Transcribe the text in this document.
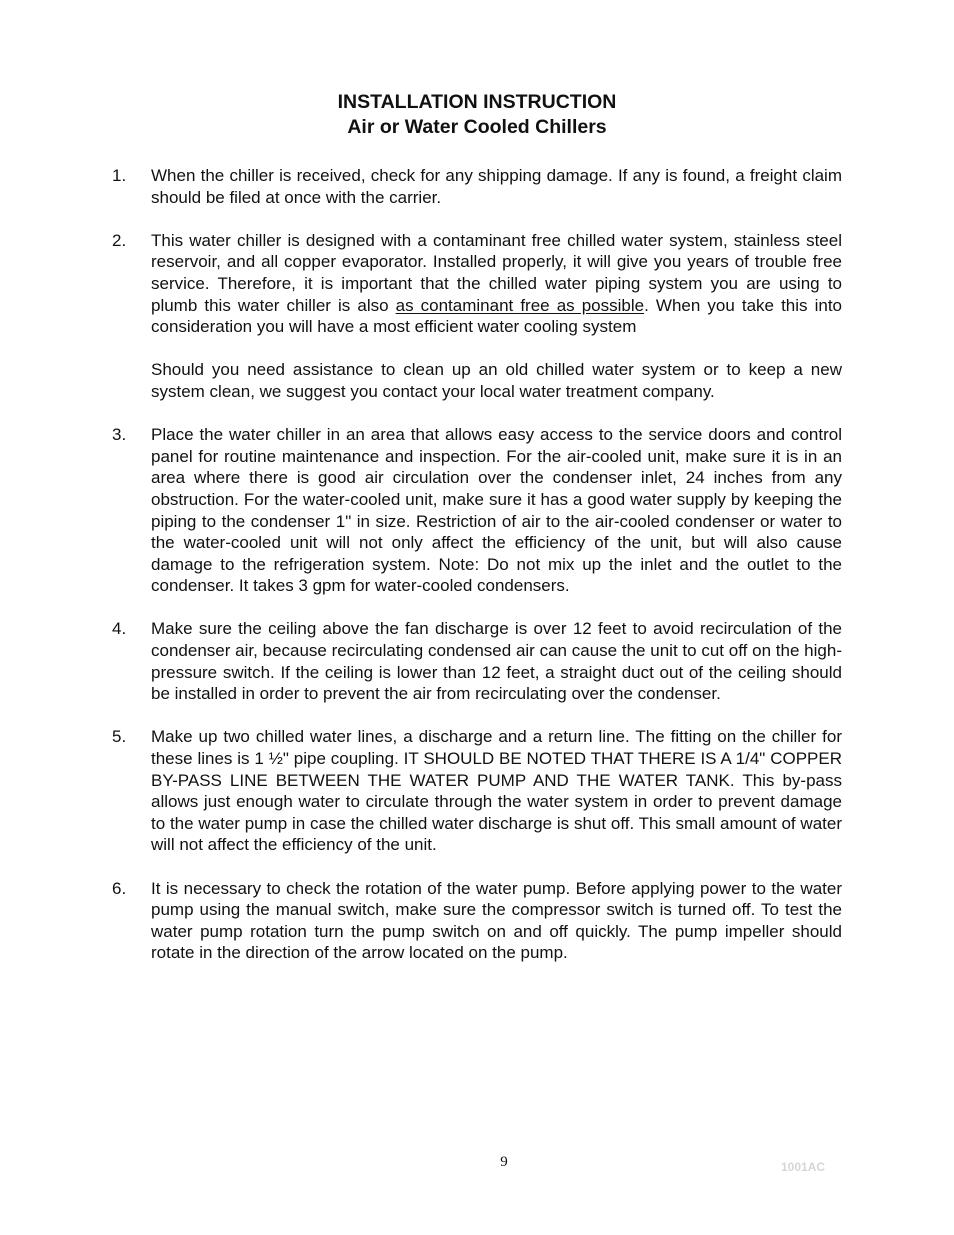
INSTALLATION INSTRUCTION
Air or Water Cooled Chillers
1.	When the chiller is received, check for any shipping damage. If any is found, a freight claim should be filed at once with the carrier.

2.	This water chiller is designed with a contaminant free chilled water system, stainless steel reservoir, and all copper evaporator. Installed properly, it will give you years of trouble free service. Therefore, it is important that the chilled water piping system you are using to plumb this water chiller is also as contaminant free as possible. When you take this into consideration you will have a most efficient water cooling system

Should you need assistance to clean up an old chilled water system or to keep a new system clean, we suggest you contact your local water treatment company.

3.	Place the water chiller in an area that allows easy access to the service doors and control panel for routine maintenance and inspection. For the air-cooled unit, make sure it is in an area where there is good air circulation over the condenser inlet, 24 inches from any obstruction. For the water-cooled unit, make sure it has a good water supply by keeping the piping to the condenser 1" in size. Restriction of air to the air-cooled condenser or water to the water-cooled unit will not only affect the efficiency of the unit, but will also cause damage to the refrigeration system. Note: Do not mix up the inlet and the outlet to the condenser. It takes 3 gpm for water-cooled condensers.

4.	Make sure the ceiling above the fan discharge is over 12 feet to avoid recirculation of the condenser air, because recirculating condensed air can cause the unit to cut off on the high-pressure switch. If the ceiling is lower than 12 feet, a straight duct out of the ceiling should be installed in order to prevent the air from recirculating over the condenser.

5.	Make up two chilled water lines, a discharge and a return line. The fitting on the chiller for these lines is 1 ½" pipe coupling. IT SHOULD BE NOTED THAT THERE IS A 1/4" COPPER BY-PASS LINE BETWEEN THE WATER PUMP AND THE WATER TANK. This by-pass allows just enough water to circulate through the water system in order to prevent damage to the water pump in case the chilled water discharge is shut off. This small amount of water will not affect the efficiency of the unit.

6.	It is necessary to check the rotation of the water pump. Before applying power to the water pump using the manual switch, make sure the compressor switch is turned off. To test the water pump rotation turn the pump switch on and off quickly. The pump impeller should rotate in the direction of the arrow located on the pump.

9	1001AC
